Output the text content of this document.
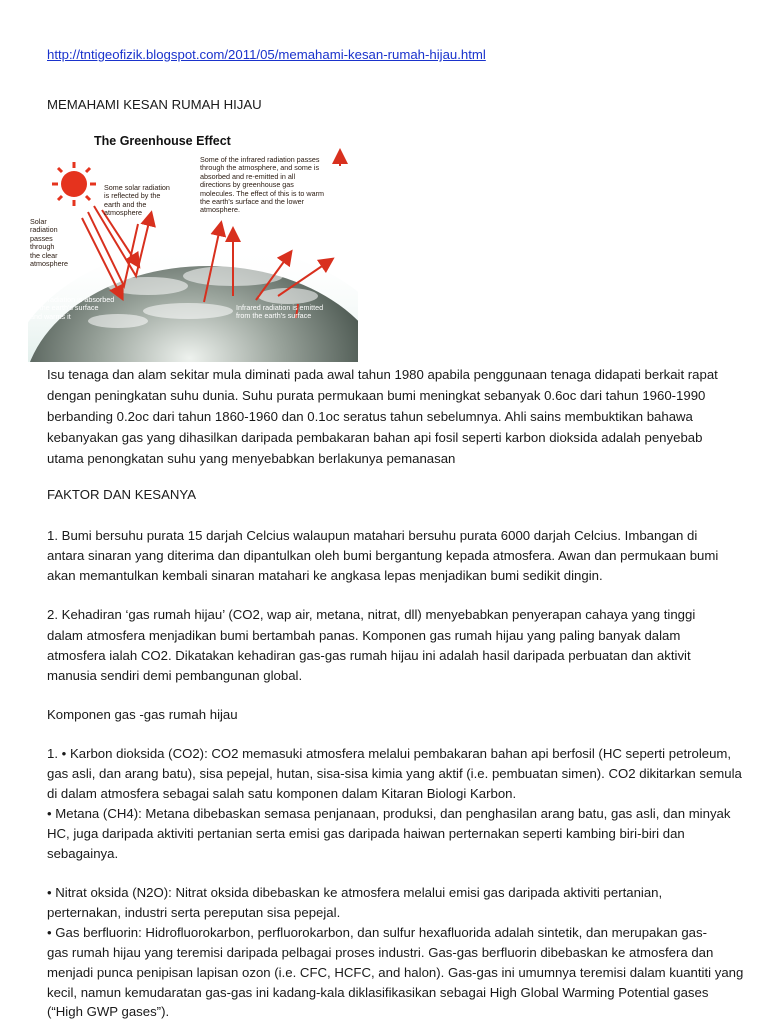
http://tntigeofizik.blogspot.com/2011/05/memahami-kesan-rumah-hijau.html
MEMAHAMI KESAN RUMAH HIJAU
The Greenhouse Effect
Some of the infrared radiation passes
through the atmosphere, and some is
absorbed and re-emitted in all
directions by greenhouse gas
molecules. The effect of this is to warm
the earth's surface and the lower
atmosphere.
Some solar radiation
is reflected by the
earth and the
atmosphere
Solar
radiation
passes
through
the clear
atmosphere
Most radiation is absorbed
by the earth's surface
and warms it
Infrared radiation is emitted
from the earth's surface
Isu tenaga dan alam sekitar mula diminati pada awal tahun 1980 apabila penggunaan tenaga didapati berkait rapat
dengan peningkatan suhu dunia. Suhu purata permukaan bumi meningkat sebanyak 0.6oc dari tahun 1960-1990
berbanding 0.2oc dari tahun 1860-1960 dan 0.1oc seratus tahun sebelumnya. Ahli sains membuktikan bahawa
kebanyakan gas yang dihasilkan daripada pembakaran bahan api fosil seperti karbon dioksida adalah penyebab
utama penongkatan suhu yang menyebabkan berlakunya pemanasan
FAKTOR DAN KESANYA
1. Bumi bersuhu purata 15 darjah Celcius walaupun matahari bersuhu purata 6000 darjah Celcius. Imbangan di
antara sinaran yang diterima dan dipantulkan oleh bumi bergantung kepada atmosfera. Awan dan permukaan bumi
akan memantulkan kembali sinaran matahari ke angkasa lepas menjadikan bumi sedikit dingin.
2. Kehadiran ‘gas rumah hijau’ (CO2, wap air, metana, nitrat, dll) menyebabkan penyerapan cahaya yang tinggi
dalam atmosfera menjadikan bumi bertambah panas. Komponen gas rumah hijau yang paling banyak dalam
atmosfera ialah CO2. Dikatakan kehadiran gas-gas rumah hijau ini adalah hasil daripada perbuatan dan aktivit
manusia sendiri demi pembangunan global.
Komponen gas -gas rumah hijau
1. • Karbon dioksida (CO2): CO2 memasuki atmosfera melalui pembakaran bahan api berfosil (HC seperti petroleum,
gas asli, dan arang batu), sisa pepejal, hutan, sisa-sisa kimia yang aktif (i.e. pembuatan simen). CO2 dikitarkan semula
di dalam atmosfera sebagai salah satu komponen dalam Kitaran Biologi Karbon.
• Metana (CH4): Metana dibebaskan semasa penjanaan, produksi, dan penghasilan arang batu, gas asli, dan minyak
HC, juga daripada aktiviti pertanian serta emisi gas daripada haiwan perternakan seperti kambing biri-biri dan
sebagainya.
• Nitrat oksida (N2O): Nitrat oksida dibebaskan ke atmosfera melalui emisi gas daripada aktiviti pertanian,
perternakan, industri serta pereputan sisa pepejal.
• Gas berfluorin: Hidrofluorokarbon, perfluorokarbon, dan sulfur hexafluorida adalah sintetik, dan merupakan gas-
gas rumah hijau yang teremisi daripada pelbagai proses industri. Gas-gas berfluorin dibebaskan ke atmosfera dan
menjadi punca penipisan lapisan ozon (i.e. CFC, HCFC, and halon). Gas-gas ini umumnya teremisi dalam kuantiti yang
kecil, namun kemudaratan gas-gas ini kadang-kala diklasifikasikan sebagai High Global Warming Potential gases
(“High GWP gases”).
